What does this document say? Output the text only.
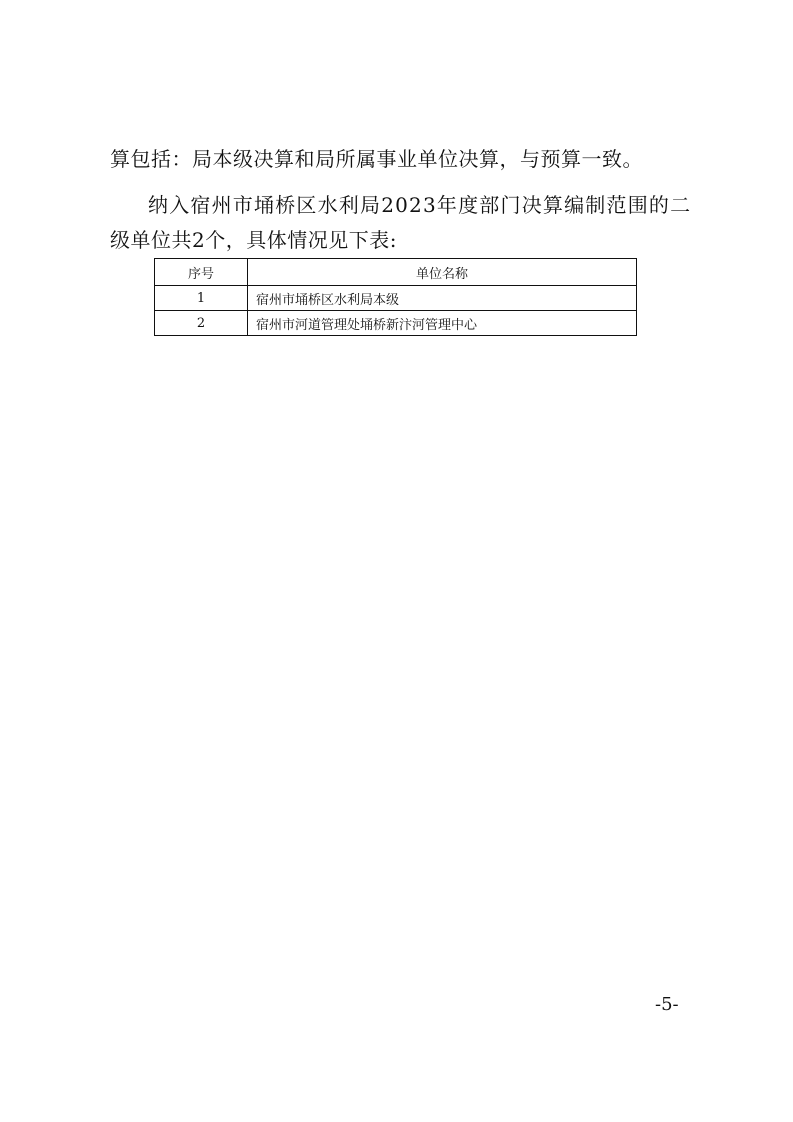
算包括：局本级决算和局所属事业单位决算，与预算一致。
纳入宿州市埇桥区水利局2023年度部门决算编制范围的二
级单位共2个，具体情况见下表:
序号	单位名称
1	宿州市埇桥区水利局本级
2	宿州市河道管理处埇桥新汴河管理中心
-5-
